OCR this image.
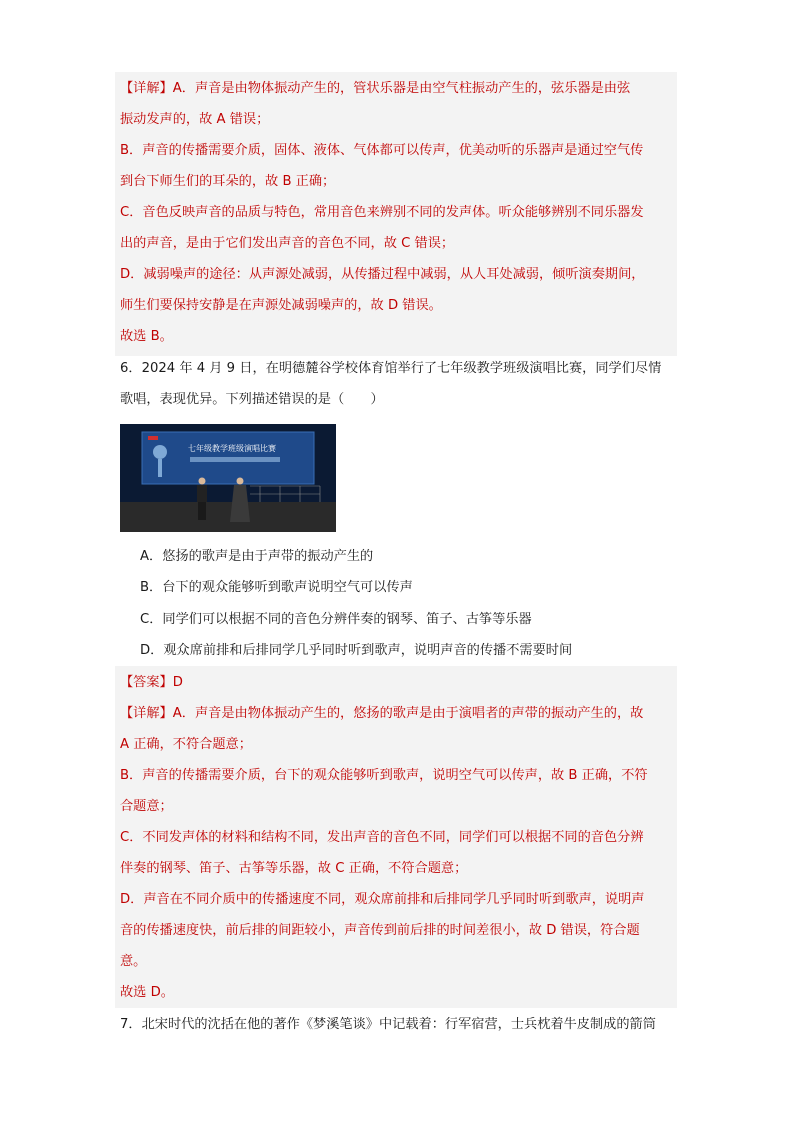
【详解】A．声音是由物体振动产生的，管状乐器是由空气柱振动产生的，弦乐器是由弦
振动发声的，故 A 错误；
B．声音的传播需要介质，固体、液体、气体都可以传声，优美动听的乐器声是通过空气传
到台下师生们的耳朵的，故 B 正确；
C．音色反映声音的品质与特色，常用音色来辨别不同的发声体。听众能够辨别不同乐器发
出的声音，是由于它们发出声音的音色不同，故 C 错误；
D．减弱噪声的途径：从声源处减弱，从传播过程中减弱，从人耳处减弱，倾听演奏期间，
师生们要保持安静是在声源处减弱噪声的，故 D 错误。
故选 B。
6．2024 年 4 月 9 日，在明德麓谷学校体育馆举行了七年级教学班级演唱比赛，同学们尽情
歌唱，表现优异。下列描述错误的是（　　）
七年级教学班级演唱比赛
A．悠扬的歌声是由于声带的振动产生的
B．台下的观众能够听到歌声说明空气可以传声
C．同学们可以根据不同的音色分辨伴奏的钢琴、笛子、古筝等乐器
D．观众席前排和后排同学几乎同时听到歌声，说明声音的传播不需要时间
【答案】D
【详解】A．声音是由物体振动产生的，悠扬的歌声是由于演唱者的声带的振动产生的，故
A 正确，不符合题意；
B．声音的传播需要介质，台下的观众能够听到歌声，说明空气可以传声，故 B 正确，不符
合题意；
C．不同发声体的材料和结构不同，发出声音的音色不同，同学们可以根据不同的音色分辨
伴奏的钢琴、笛子、古筝等乐器，故 C 正确，不符合题意；
D．声音在不同介质中的传播速度不同，观众席前排和后排同学几乎同时听到歌声，说明声
音的传播速度快，前后排的间距较小，声音传到前后排的时间差很小，故 D 错误，符合题
意。
故选 D。
7．北宋时代的沈括在他的著作《梦溪笔谈》中记载着：行军宿营，士兵枕着牛皮制成的箭筒
